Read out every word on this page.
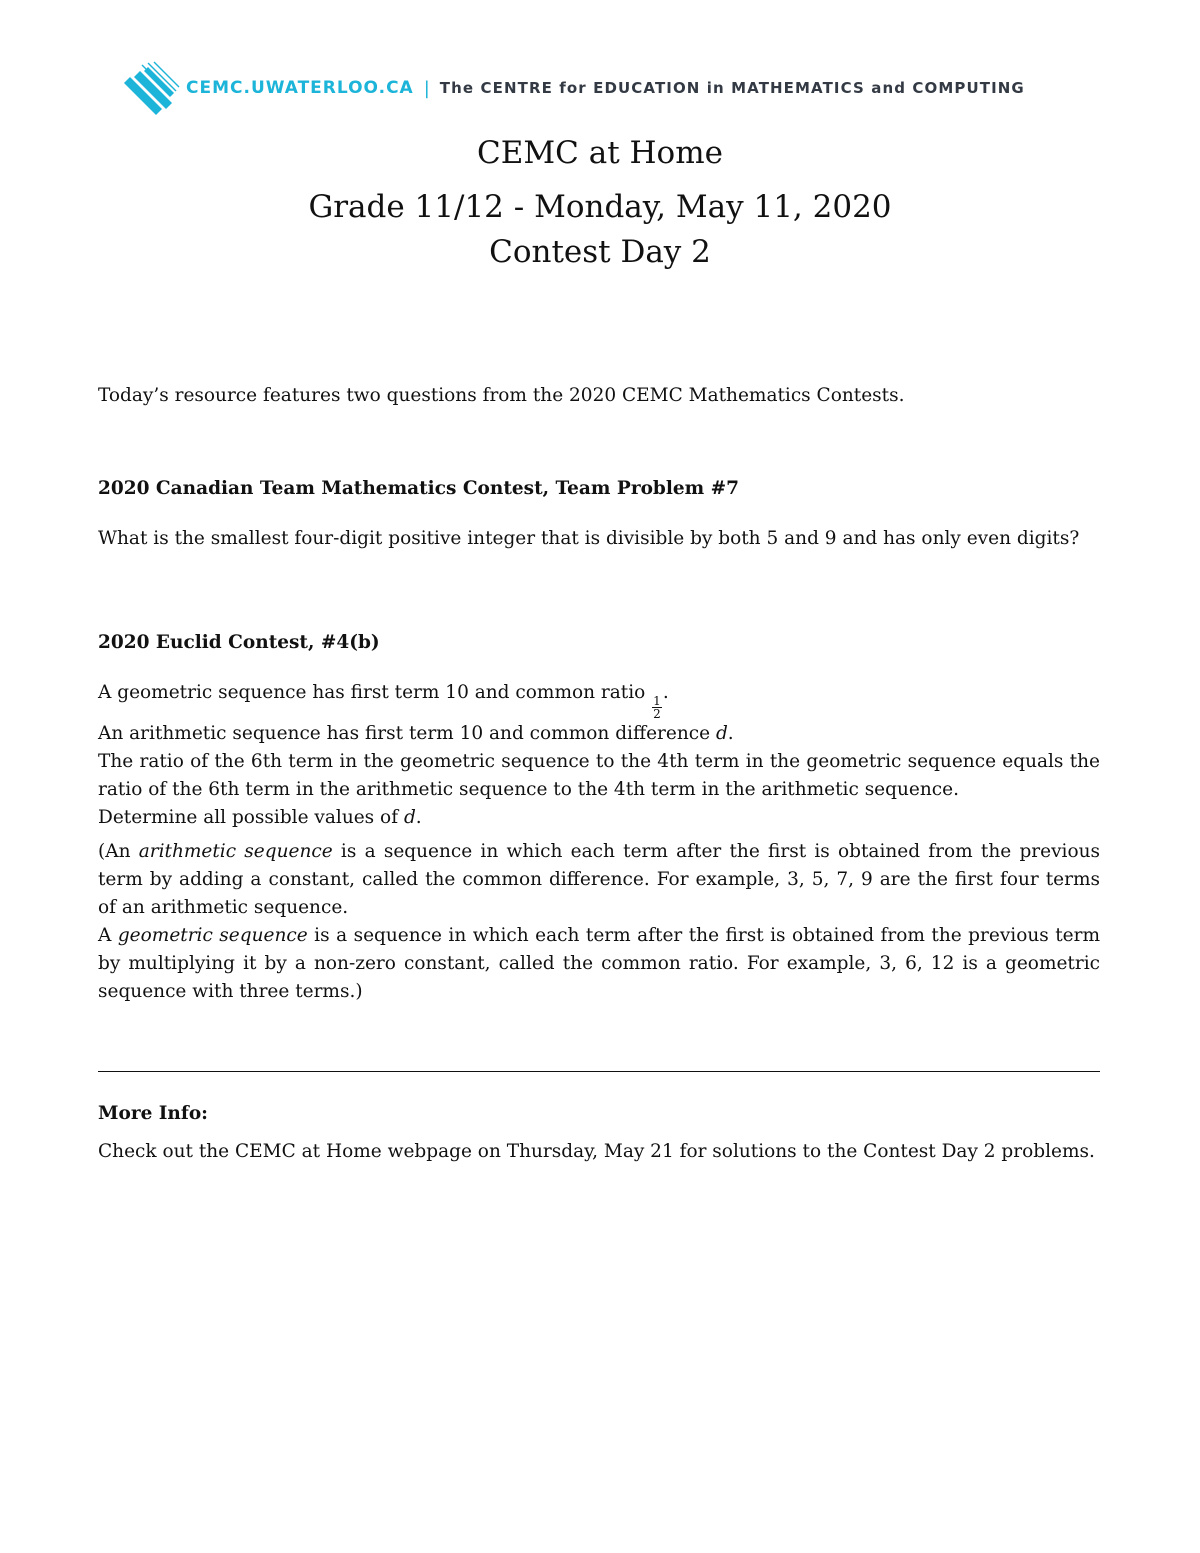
CEMC.UWATERLOO.CA | The CENTRE for EDUCATION in MATHEMATICS and COMPUTING
CEMC at Home
Grade 11/12 - Monday, May 11, 2020
Contest Day 2

Today’s resource features two questions from the 2020 CEMC Mathematics Contests.

2020 Canadian Team Mathematics Contest, Team Problem #7

What is the smallest four-digit positive integer that is divisible by both 5 and 9 and has only even digits?

2020 Euclid Contest, #4(b)

A geometric sequence has first term 10 and common ratio
$\frac{1}{2}$
.

An arithmetic sequence has first term 10 and common difference d.

The ratio of the 6th term in the geometric sequence to the 4th term in the geometric sequence equals the ratio of the 6th term in the arithmetic sequence to the 4th term in the arithmetic sequence.

Determine all possible values of d.

(An arithmetic sequence is a sequence in which each term after the first is obtained from the previous term by adding a constant, called the common difference. For example, 3, 5, 7, 9 are the first four terms of an arithmetic sequence.

A geometric sequence is a sequence in which each term after the first is obtained from the previous term by multiplying it by a non-zero constant, called the common ratio. For example, 3, 6, 12 is a geometric sequence with three terms.)

More Info:

Check out the CEMC at Home webpage on Thursday, May 21 for solutions to the Contest Day 2 problems.
